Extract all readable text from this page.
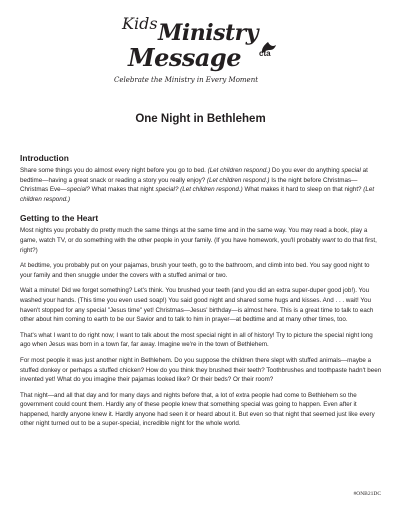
Kids Ministry
Message cta
Celebrate the Ministry in Every Moment
One Night in Bethlehem
Introduction

Share some things you do almost every night before you go to bed. (Let children respond.) Do you ever do anything special at bedtime—having a great snack or reading a story you really enjoy? (Let children respond.) Is the night before Christmas—Christmas Eve—special? What makes that night special? (Let children respond.) What makes it hard to sleep on that night? (Let children respond.)

Getting to the Heart

Most nights you probably do pretty much the same things at the same time and in the same way. You may read a book, play a game, watch TV, or do something with the other people in your family. (If you have homework, you'll probably want to do that first, right?)

At bedtime, you probably put on your pajamas, brush your teeth, go to the bathroom, and climb into bed. You say good night to your family and then snuggle under the covers with a stuffed animal or two.

Wait a minute! Did we forget something? Let's think. You brushed your teeth (and you did an extra super-duper good job!). You washed your hands. (This time you even used soap!) You said good night and shared some hugs and kisses. And . . . wait! You haven't stopped for any special "Jesus time" yet! Christmas—Jesus' birthday—is almost here. This is a great time to talk to each other about him coming to earth to be our Savior and to talk to him in prayer—at bedtime and at many other times, too.

That's what I want to do right now; I want to talk about the most special night in all of history! Try to picture the special night long ago when Jesus was born in a town far, far away. Imagine we're in the town of Bethlehem.

For most people it was just another night in Bethlehem. Do you suppose the children there slept with stuffed animals—maybe a stuffed donkey or perhaps a stuffed chicken? How do you think they brushed their teeth? Toothbrushes and toothpaste hadn't been invented yet! What do you imagine their pajamas looked like? Or their beds? Or their room?

That night—and all that day and for many days and nights before that, a lot of extra people had come to Bethlehem so the government could count them. Hardly any of these people knew that something special was going to happen. Even after it happened, hardly anyone knew it. Hardly anyone had seen it or heard about it. But even so that night that seemed just like every other night turned out to be a super-special, incredible night for the whole world.

#ONB21DC
